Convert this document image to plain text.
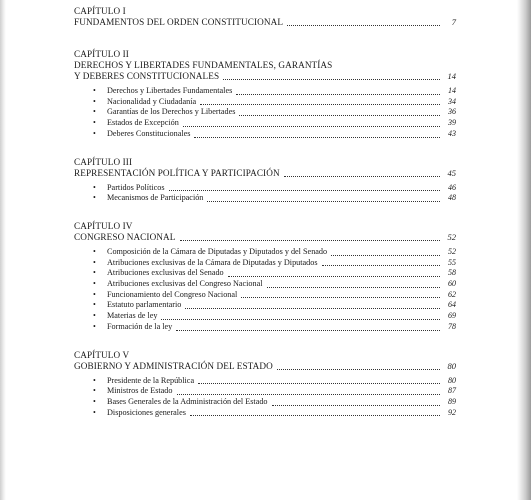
CAPÍTULO I
FUNDAMENTOS DEL ORDEN CONSTITUCIONAL	7
CAPÍTULO II
DERECHOS Y LIBERTADES FUNDAMENTALES, GARANTÍAS
Y DEBERES CONSTITUCIONALES	14
• Derechos y Libertades Fundamentales	14
• Nacionalidad y Ciudadanía	34
• Garantías de los Derechos y Libertades	36
• Estados de Excepción	39
• Deberes Constitucionales	43
CAPÍTULO III
REPRESENTACIÓN POLÍTICA Y PARTICIPACIÓN	45
• Partidos Políticos	46
• Mecanismos de Participación	48
CAPÍTULO IV
CONGRESO NACIONAL	52
• Composición de la Cámara de Diputadas y Diputados y del Senado	52
• Atribuciones exclusivas de la Cámara de Diputadas y Diputados	55
• Atribuciones exclusivas del Senado	58
• Atribuciones exclusivas del Congreso Nacional	60
• Funcionamiento del Congreso Nacional	62
• Estatuto parlamentario	64
• Materias de ley	69
• Formación de la ley	78
CAPÍTULO V
GOBIERNO Y ADMINISTRACIÓN DEL ESTADO	80
• Presidente de la República	80
• Ministros de Estado	87
• Bases Generales de la Administración del Estado	89
• Disposiciones generales	92
